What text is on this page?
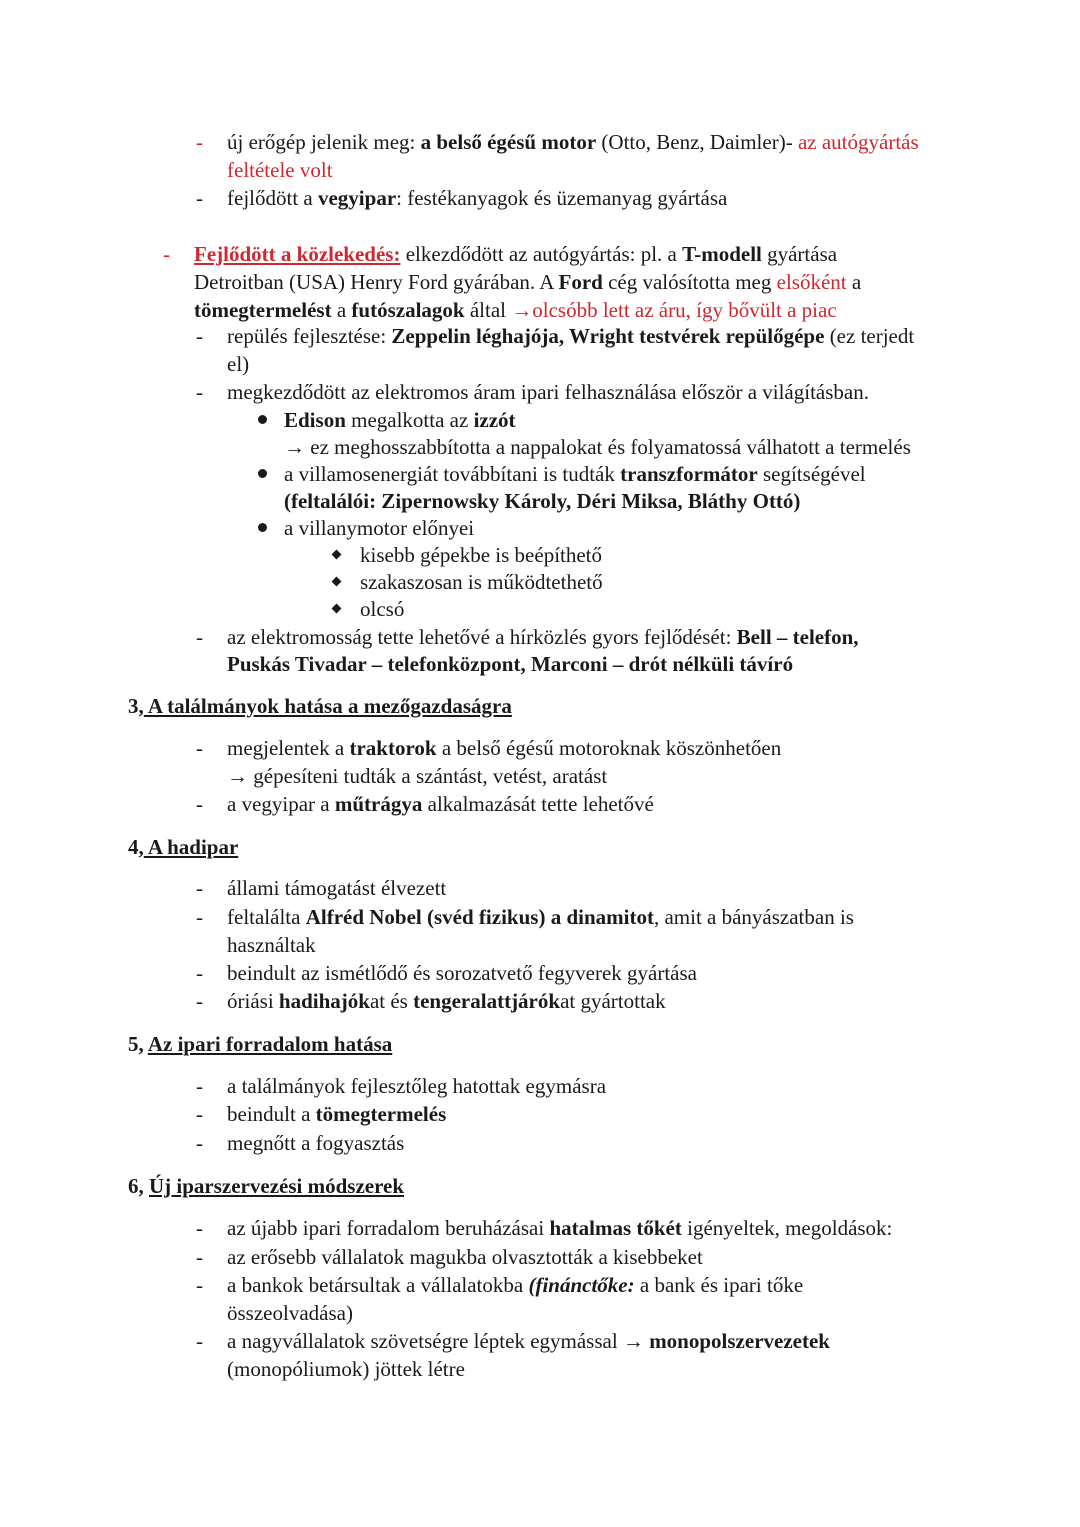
- új erőgép jelenik meg: a belső égésű motor (Otto, Benz, Daimler)- az autógyártás
feltétele volt
- fejlődött a vegyipar: festékanyagok és üzemanyag gyártása
- Fejlődött a közlekedés: elkezdődött az autógyártás: pl. a T-modell gyártása
Detroitban (USA) Henry Ford gyárában. A Ford cég valósította meg elsőként a
tömegtermelést a futószalagok által →olcsóbb lett az áru, így bővült a piac
- repülés fejlesztése: Zeppelin léghajója, Wright testvérek repülőgépe (ez terjedt
el)
- megkezdődött az elektromos áram ipari felhasználása először a világításban.
Edison megalkotta az izzót
→ ez meghosszabbította a nappalokat és folyamatossá válhatott a termelés
a villamosenergiát továbbítani is tudták transzformátor segítségével
(feltalálói: Zipernowsky Károly, Déri Miksa, Bláthy Ottó)
a villanymotor előnyei
kisebb gépekbe is beépíthető
szakaszosan is működtethető
olcsó
- az elektromosság tette lehetővé a hírközlés gyors fejlődését: Bell – telefon,
Puskás Tivadar – telefonközpont, Marconi – drót nélküli távíró
3, A találmányok hatása a mezőgazdaságra
- megjelentek a traktorok a belső égésű motoroknak köszönhetően
→ gépesíteni tudták a szántást, vetést, aratást
- a vegyipar a műtrágya alkalmazását tette lehetővé
4, A hadipar
- állami támogatást élvezett
- feltalálta Alfréd Nobel (svéd fizikus) a dinamitot, amit a bányászatban is
használtak
- beindult az ismétlődő és sorozatvető fegyverek gyártása
- óriási hadihajókat és tengeralattjárókat gyártottak
5, Az ipari forradalom hatása
- a találmányok fejlesztőleg hatottak egymásra
- beindult a tömegtermelés
- megnőtt a fogyasztás
6, Új iparszervezési módszerek
- az újabb ipari forradalom beruházásai hatalmas tőkét igényeltek, megoldások:
- az erősebb vállalatok magukba olvasztották a kisebbeket
- a bankok betársultak a vállalatokba (finánctőke: a bank és ipari tőke
összeolvadása)
- a nagyvállalatok szövetségre léptek egymással → monopolszervezetek
(monopóliumok) jöttek létre
